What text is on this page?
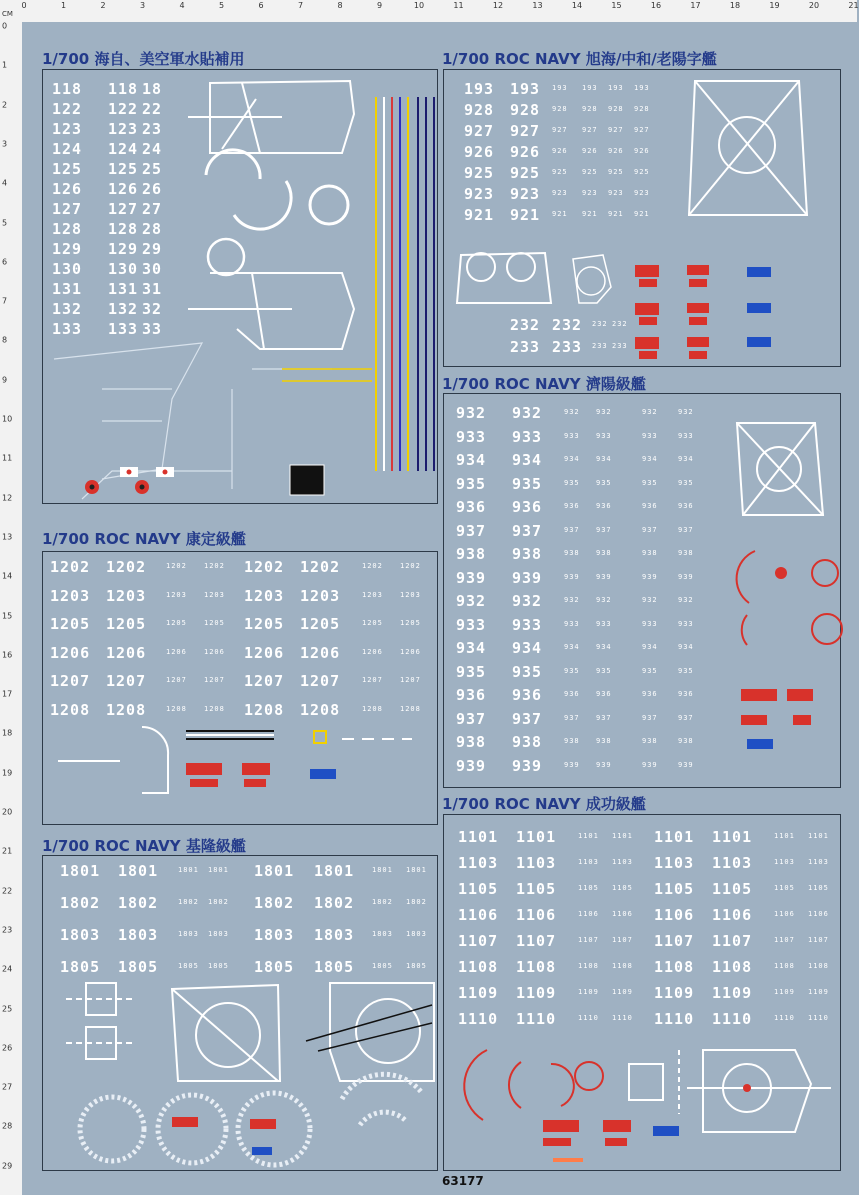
CM
0	1	2	3	4	5	6	7	8	9	10	11	12	13	14	15	16	17	18	19	20	21
0
1
2
3
4
5
6
7
8
9
10
11
12
13
14
15
16
17
18
19
20
21
22
23
24
25
26
27
28
29
1/700 海自、美空軍水貼補用	1/700 ROC NAVY 旭海/中和/老陽字艦
1/700 ROC NAVY 濟陽級艦
1/700 ROC NAVY 康定級艦
1/700 ROC NAVY 成功級艦
1/700 ROC NAVY 基隆級艦
118 118 18
122 122 22
123 123 23
124 124 24
125 125 25
126 126 26
127 127 27
128 128 28
129 129 29
130 130 30
131 131 31
132 132 32
133 133 33
193 193 193 193 193 193
928 928 928 928 928 928
927 927 927 927 927 927
926 926 926 926 926 926
925 925 925 925 925 925
923 923 923 923 923 923
921 921 921 921 921 921
232 232 232 232
233 233 233 233
932 932	932 932	932	932
933 933	933 933	933	933
934 934	934 934	934	934
935 935	935 935	935	935
936 936	936 936	936	936
937 937	937 937	937	937
938 938	938 938	938	938
939 939	939 939	939	939
932 932	932 932	932	932
933 933	933 933	933	933
934 934	934 934	934	934
935 935	935 935	935	935
936 936	936 936	936	936
937 937	937 937	937	937
938 938	938 938	938	938
939 939	939 939	939	939
1202 1202	1202 1202 1202 1202	1202 1202
1203 1203	1203 1203 1203 1203	1203 1203
1205 1205	1205 1205 1205 1205	1205 1205
1206 1206	1206 1206 1206 1206	1206 1206
1207 1207	1207 1207 1207 1207	1207 1207
1208 1208	1208 1208 1208 1208	1208 1208
1801 1801	1801 1801 1801 1801	1801 1801
1802 1802	1802 1802 1802 1802	1802 1802
1803 1803	1803 1803 1803 1803	1803 1803
1805 1805	1805 1805 1805 1805	1805 1805
1101 1101	1101 1101 1101 1101	1101 1101
1103 1103	1103 1103 1103 1103	1103 1103
1105 1105	1105 1105 1105 1105	1105 1105
1106 1106	1106 1106 1106 1106	1106 1106
1107 1107	1107 1107 1107 1107	1107 1107
1108 1108	1108 1108 1108 1108	1108 1108
1109 1109	1109 1109 1109 1109	1109 1109
1110 1110	1110 1110 1110 1110	1110 1110
63177
